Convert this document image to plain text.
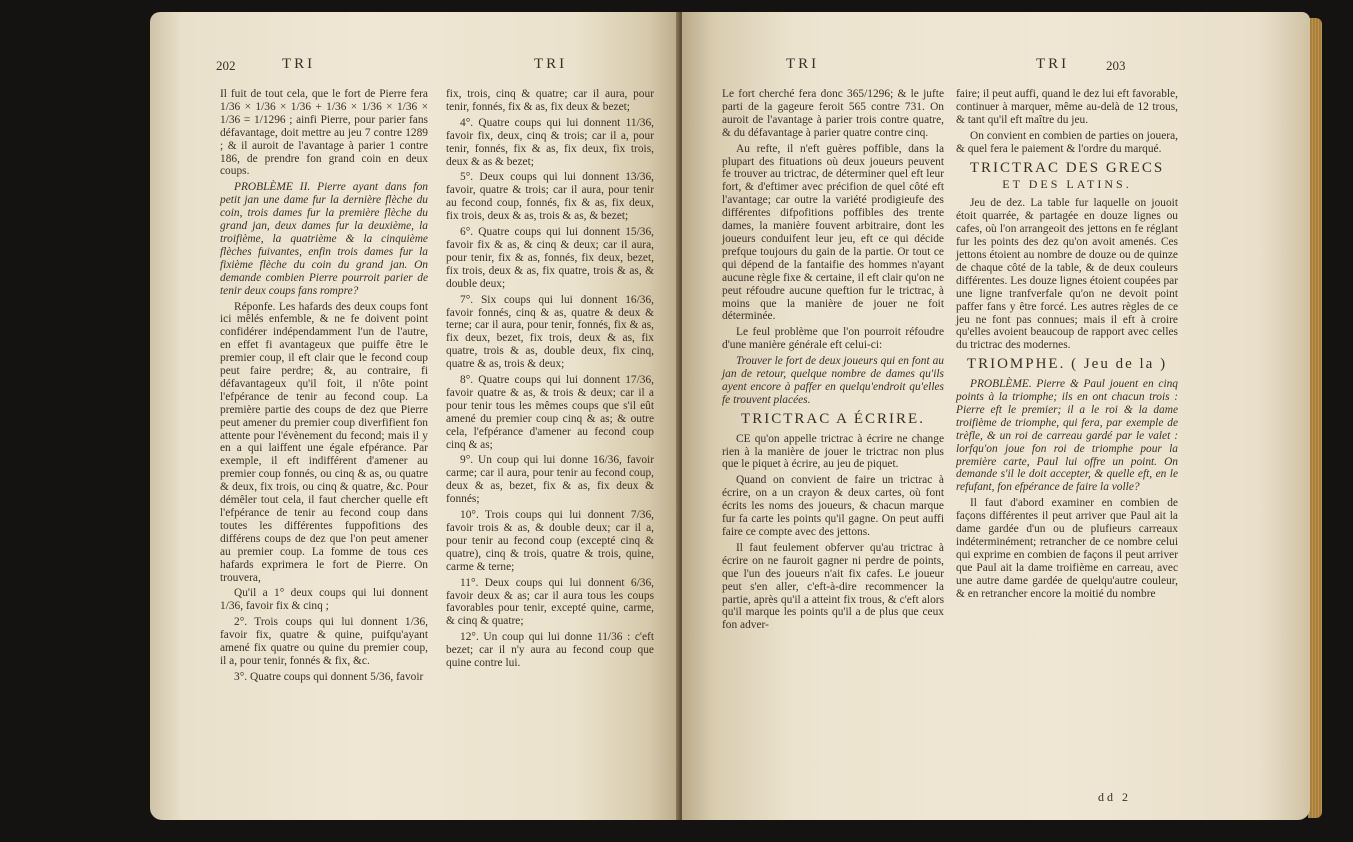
202	TRI	TRI

Il fuit de tout cela, que le fort de Pierre fera 1/36 × 1/36 × 1/36 + 1/36 × 1/36 × 1/36 × 1/36 = 1/1296 ; ainfi Pierre, pour parier fans défavantage, doit mettre au jeu 7 contre 1289 ; & il auroit de l'avantage à parier 1 contre 186, de prendre fon grand coin en deux coups.

PROBLÈME II. Pierre ayant dans fon petit jan une dame fur la dernière flèche du coin, trois dames fur la première flèche du grand jan, deux dames fur la deuxième, la troifième, la quatrième & la cinquième flèches fuivantes, enfin trois dames fur la fixième flèche du coin du grand jan. On demande combien Pierre pourroit parier de tenir deux coups fans rompre?

Réponfe. Les hafards des deux coups font ici mêlés enfemble, & ne fe doivent point confidérer indépendamment l'un de l'autre, en effet fi avantageux que puiffe être le premier coup, il eft clair que le fecond coup peut faire perdre; &, au contraire, fi défavantageux qu'il foit, il n'ôte point l'efpérance de tenir au fecond coup. La première partie des coups de dez que Pierre peut amener du premier coup diverfifient fon attente pour l'évènement du fecond; mais il y en a qui laiffent une égale efpérance. Par exemple, il eft indifférent d'amener au premier coup fonnés, ou cinq & as, ou quatre & deux, fix trois, ou cinq & quatre, &c. Pour démêler tout cela, il faut chercher quelle eft l'efpérance de tenir au fecond coup dans toutes les différentes fuppofitions des différens coups de dez que l'on peut amener au premier coup. La fomme de tous ces hafards exprimera le fort de Pierre. On trouvera,

Qu'il a 1° deux coups qui lui donnent 1/36, favoir fix & cinq ;

2°. Trois coups qui lui donnent 1/36, favoir fix, quatre & quine, puifqu'ayant amené fix quatre ou quine du premier coup, il a, pour tenir, fonnés & fix, &c.

3°. Quatre coups qui donnent 5/36, favoir

fix, trois, cinq & quatre; car il aura, pour tenir, fonnés, fix & as, fix deux & bezet;

4°. Quatre coups qui lui donnent 11/36, favoir fix, deux, cinq & trois; car il a, pour tenir, fonnés, fix & as, fix deux, fix trois, deux & as & bezet;

5°. Deux coups qui lui donnent 13/36, favoir, quatre & trois; car il aura, pour tenir au fecond coup, fonnés, fix & as, fix deux, fix trois, deux & as, trois & as, & bezet;

6°. Quatre coups qui lui donnent 15/36, favoir fix & as, & cinq & deux; car il aura, pour tenir, fix & as, fonnés, fix deux, bezet, fix trois, deux & as, fix quatre, trois & as, & double deux;

7°. Six coups qui lui donnent 16/36, favoir fonnés, cinq & as, quatre & deux & terne; car il aura, pour tenir, fonnés, fix & as, fix deux, bezet, fix trois, deux & as, fix quatre, trois & as, double deux, fix cinq, quatre & as, trois & deux;

8°. Quatre coups qui lui donnent 17/36, favoir quatre & as, & trois & deux; car il a pour tenir tous les mêmes coups que s'il eût amené du premier coup cinq & as; & outre cela, l'efpérance d'amener au fecond coup cinq & as;

9°. Un coup qui lui donne 16/36, favoir carme; car il aura, pour tenir au fecond coup, deux & as, bezet, fix & as, fix deux & fonnés;

10°. Trois coups qui lui donnent 7/36, favoir trois & as, & double deux; car il a, pour tenir au fecond coup (excepté cinq & quatre), cinq & trois, quatre & trois, quine, carme & terne;

11°. Deux coups qui lui donnent 6/36, favoir deux & as; car il aura tous les coups favorables pour tenir, excepté quine, carme, & cinq & quatre;

12°. Un coup qui lui donne 11/36 : c'eft bezet; car il n'y aura au fecond coup que quine contre lui.

TRI	TRI	203

Le fort cherché fera donc 365/1296; & le jufte parti de la gageure feroit 565 contre 731. On auroit de l'avantage à parier trois contre quatre, & du défavantage à parier quatre contre cinq.

Au refte, il n'eft guères poffible, dans la plupart des fituations où deux joueurs peuvent fe trouver au trictrac, de déterminer quel eft leur fort, & d'eftimer avec précifion de quel côté eft l'avantage; car outre la variété prodigieufe des différentes difpofitions poffibles des trente dames, la manière fouvent arbitraire, dont les joueurs conduifent leur jeu, eft ce qui décide prefque toujours du gain de la partie. Or tout ce qui dépend de la fantaifie des hommes n'ayant aucune règle fixe & certaine, il eft clair qu'on ne peut réfoudre aucune queftion fur le trictrac, à moins que la manière de jouer ne foit déterminée.

Le feul problème que l'on pourroit réfoudre d'une manière générale eft celui-ci:

Trouver le fort de deux joueurs qui en font au jan de retour, quelque nombre de dames qu'ils ayent encore à paffer en quelqu'endroit qu'elles fe trouvent placées.

TRICTRAC A ÉCRIRE.

CE qu'on appelle trictrac à écrire ne change rien à la manière de jouer le trictrac non plus que le piquet à écrire, au jeu de piquet.

Quand on convient de faire un trictrac à écrire, on a un crayon & deux cartes, où font écrits les noms des joueurs, & chacun marque fur fa carte les points qu'il gagne. On peut auffi faire ce compte avec des jettons.

Il faut feulement obferver qu'au trictrac à écrire on ne fauroit gagner ni perdre de points, que l'un des joueurs n'ait fix cafes. Le joueur peut s'en aller, c'eft-à-dire recommencer la partie, après qu'il a atteint fix trous, & c'eft alors qu'il marque les points qu'il a de plus que ceux fon adver-

faire; il peut auffi, quand le dez lui eft favorable, continuer à marquer, même au-delà de 12 trous, & tant qu'il eft maître du jeu.

On convient en combien de parties on jouera, & quel fera le paiement & l'ordre du marqué.

TRICTRAC DES GRECS
ET DES LATINS.

Jeu de dez. La table fur laquelle on jouoit étoit quarrée, & partagée en douze lignes ou cafes, où l'on arrangeoit des jettons en fe réglant fur les points des dez qu'on avoit amenés. Ces jettons étoient au nombre de douze ou de quinze de chaque côté de la table, & de deux couleurs différentes. Les douze lignes étoient coupées par une ligne tranfverfale qu'on ne devoit point paffer fans y être forcé. Les autres règles de ce jeu ne font pas connues; mais il eft à croire qu'elles avoient beaucoup de rapport avec celles du trictrac des modernes.

TRIOMPHE. ( Jeu de la )

PROBLÈME. Pierre & Paul jouent en cinq points à la triomphe; ils en ont chacun trois : Pierre eft le premier; il a le roi & la dame troifième de triomphe, qui fera, par exemple de trèfle, & un roi de carreau gardé par le valet : lorfqu'on joue fon roi de triomphe pour la première carte, Paul lui offre un point. On demande s'il le doit accepter, & quelle eft, en le refufant, fon efpérance de faire la volle?

Il faut d'abord examiner en combien de façons différentes il peut arriver que Paul ait la dame gardée d'un ou de plufieurs carreaux indéterminément; retrancher de ce nombre celui qui exprime en combien de façons il peut arriver que Paul ait la dame troifième en carreau, avec une autre dame gardée de quelqu'autre couleur, & en retrancher encore la moitié du nombre

dd 2
